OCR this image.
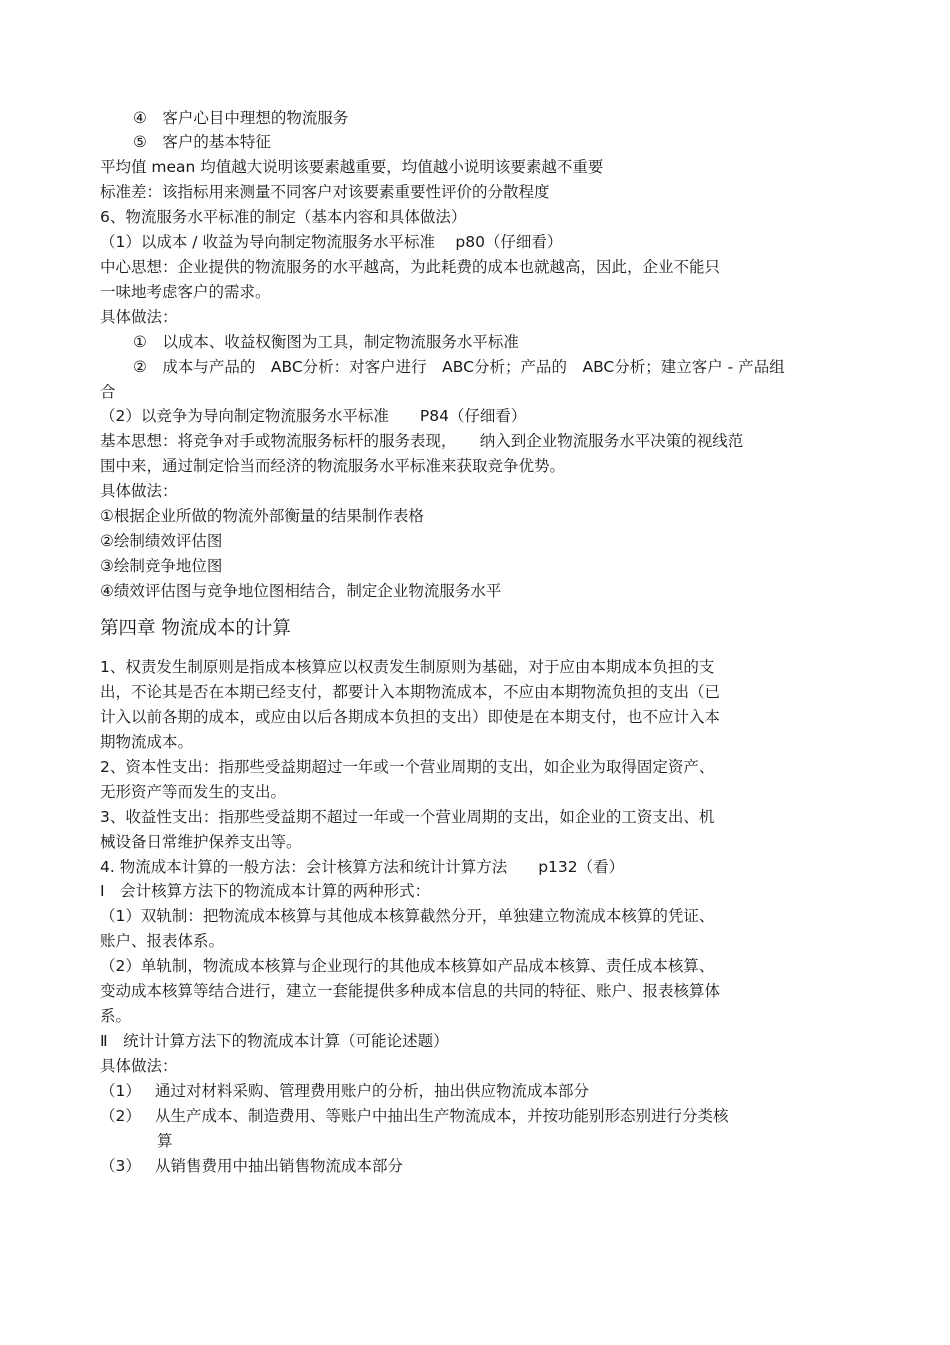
④　客户心目中理想的物流服务
⑤　客户的基本特征
平均值 mean 均值越大说明该要素越重要，均值越小说明该要素越不重要
标准差：该指标用来测量不同客户对该要素重要性评价的分散程度
6、物流服务水平标准的制定（基本内容和具体做法）
（1）以成本 / 收益为导向制定物流服务水平标准　 p80（仔细看）
中心思想：企业提供的物流服务的水平越高，为此耗费的成本也就越高，因此，企业不能只
一味地考虑客户的需求。
具体做法：
①　以成本、收益权衡图为工具，制定物流服务水平标准
②　成本与产品的　ABC分析：对客户进行　ABC分析；产品的　ABC分析；建立客户 - 产品组
合
（2）以竞争为导向制定物流服务水平标准　　P84（仔细看）
基本思想：将竞争对手或物流服务标杆的服务表现，　　纳入到企业物流服务水平决策的视线范
围中来，通过制定恰当而经济的物流服务水平标准来获取竞争优势。
具体做法：
①根据企业所做的物流外部衡量的结果制作表格
②绘制绩效评估图
③绘制竞争地位图
④绩效评估图与竞争地位图相结合，制定企业物流服务水平
第四章 物流成本的计算
1、权责发生制原则是指成本核算应以权责发生制原则为基础，对于应由本期成本负担的支
出，不论其是否在本期已经支付，都要计入本期物流成本，不应由本期物流负担的支出（已
计入以前各期的成本，或应由以后各期成本负担的支出）即使是在本期支付，也不应计入本
期物流成本。
2、资本性支出：指那些受益期超过一年或一个营业周期的支出，如企业为取得固定资产、
无形资产等而发生的支出。
3、收益性支出：指那些受益期不超过一年或一个营业周期的支出，如企业的工资支出、机
械设备日常维护保养支出等。
4. 物流成本计算的一般方法：会计核算方法和统计计算方法　　p132（看）
Ⅰ　会计核算方法下的物流成本计算的两种形式：
（1）双轨制：把物流成本核算与其他成本核算截然分开，单独建立物流成本核算的凭证、
账户、报表体系。
（2）单轨制，物流成本核算与企业现行的其他成本核算如产品成本核算、责任成本核算、
变动成本核算等结合进行，建立一套能提供多种成本信息的共同的特征、账户、报表核算体
系。
Ⅱ　统计计算方法下的物流成本计算（可能论述题）
具体做法：
（1） 通过对材料采购、管理费用账户的分析，抽出供应物流成本部分
（2） 从生产成本、制造费用、等账户中抽出生产物流成本，并按功能别形态别进行分类核
算
（3） 从销售费用中抽出销售物流成本部分
